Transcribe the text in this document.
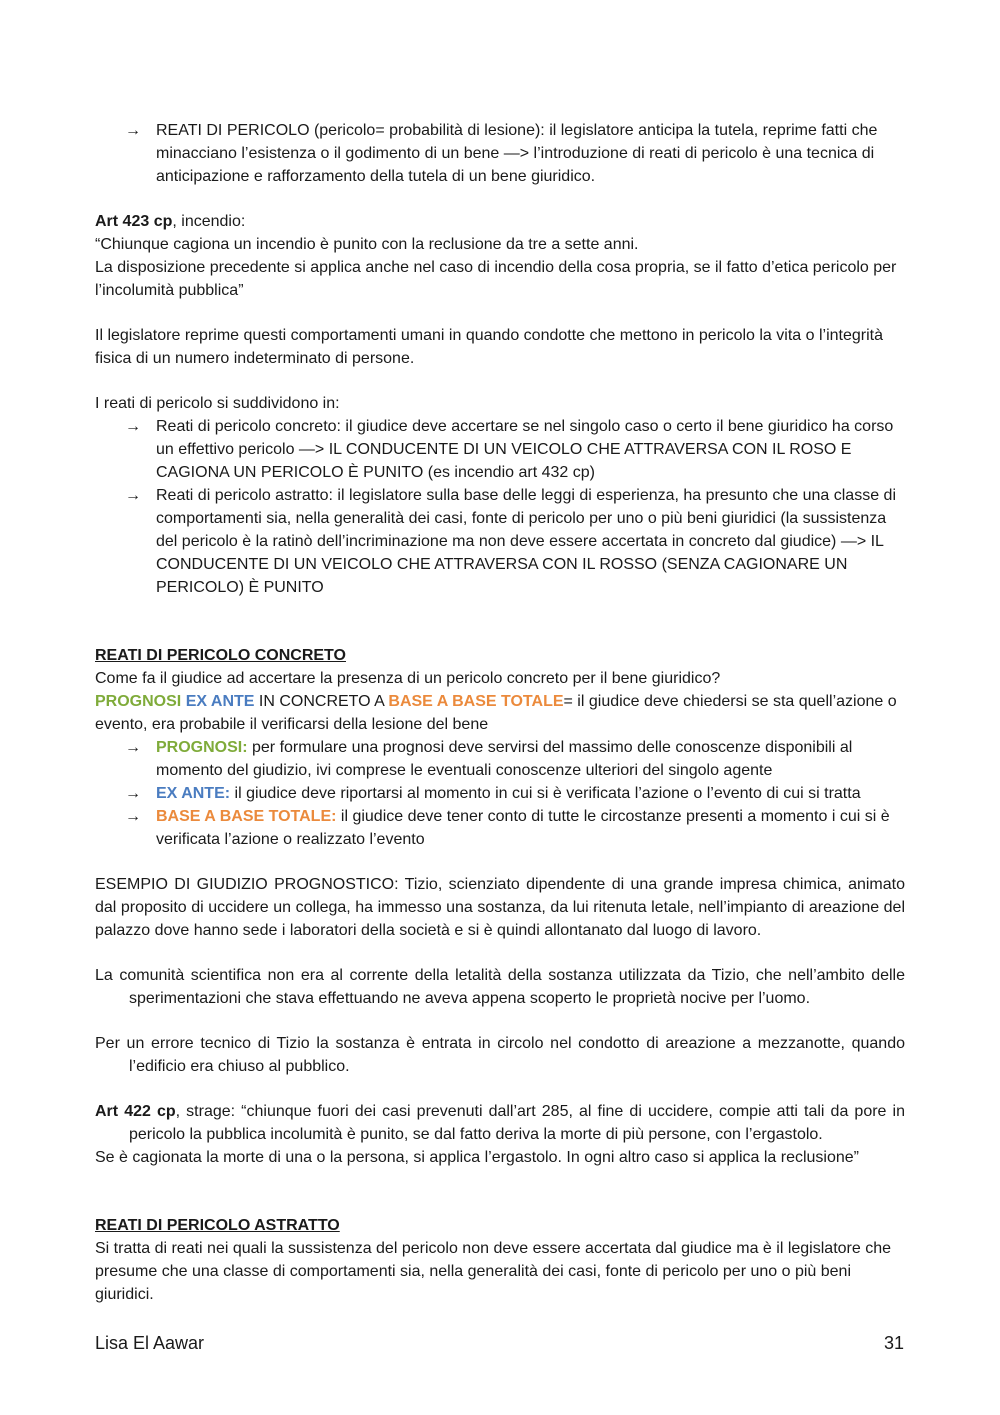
→ REATI DI PERICOLO (pericolo= probabilità di lesione): il legislatore anticipa la tutela, reprime fatti che minacciano l’esistenza o il godimento di un bene —> l’introduzione di reati di pericolo è una tecnica di anticipazione e rafforzamento della tutela di un bene giuridico.

Art 423 cp, incendio:

“Chiunque cagiona un incendio è punito con la reclusione da tre a sette anni.

La disposizione precedente si applica anche nel caso di incendio della cosa propria, se il fatto d’etica pericolo per l’incolumità pubblica”

Il legislatore reprime questi comportamenti umani in quando condotte che mettono in pericolo la vita o l’integrità fisica di un numero indeterminato di persone.

I reati di pericolo si suddividono in:

→ Reati di pericolo concreto: il giudice deve accertare se nel singolo caso o certo il bene giuridico ha corso un effettivo pericolo —> IL CONDUCENTE DI UN VEICOLO CHE ATTRAVERSA CON IL ROSO E CAGIONA UN PERICOLO È PUNITO (es incendio art 432 cp)
→ Reati di pericolo astratto: il legislatore sulla base delle leggi di esperienza, ha presunto che una classe di comportamenti sia, nella generalità dei casi, fonte di pericolo per uno o più beni giuridici (la sussistenza del pericolo è la ratinò dell’incriminazione ma non deve essere accertata in concreto dal giudice) —> IL CONDUCENTE DI UN VEICOLO CHE ATTRAVERSA CON IL ROSSO (SENZA CAGIONARE UN PERICOLO) È PUNITO

REATI DI PERICOLO CONCRETO

Come fa il giudice ad accertare la presenza di un pericolo concreto per il bene giuridico?

PROGNOSI EX ANTE IN CONCRETO A BASE A BASE TOTALE= il giudice deve chiedersi se sta quell’azione o evento, era probabile il verificarsi della lesione del bene

→ PROGNOSI: per formulare una prognosi deve servirsi del massimo delle conoscenze disponibili al momento del giudizio, ivi comprese le eventuali conoscenze ulteriori del singolo agente
→ EX ANTE: il giudice deve riportarsi al momento in cui si è verificata l’azione o l’evento di cui si tratta
→ BASE A BASE TOTALE: il giudice deve tener conto di tutte le circostanze presenti a momento i cui si è verificata l’azione o realizzato l’evento

ESEMPIO DI GIUDIZIO PROGNOSTICO: Tizio, scienziato dipendente di una grande impresa chimica, animato dal proposito di uccidere un collega, ha immesso una sostanza, da lui ritenuta letale, nell’impianto di areazione del palazzo dove hanno sede i laboratori della società e si è quindi allontanato dal luogo di lavoro.

La comunità scientifica non era al corrente della letalità della sostanza utilizzata da Tizio, che nell’ambito delle sperimentazioni che stava effettuando ne aveva appena scoperto le proprietà nocive per l’uomo.

Per un errore tecnico di Tizio la sostanza è entrata in circolo nel condotto di areazione a mezzanotte, quando l’edificio era chiuso al pubblico.

Art 422 cp, strage: “chiunque fuori dei casi prevenuti dall’art 285, al fine di uccidere, compie atti tali da pore in pericolo la pubblica incolumità è punito, se dal fatto deriva la morte di più persone, con l’ergastolo.

Se è cagionata la morte di una o la persona, si applica l’ergastolo. In ogni altro caso si applica la reclusione”

REATI DI PERICOLO ASTRATTO

Si tratta di reati nei quali la sussistenza del pericolo non deve essere accertata dal giudice ma è il legislatore che presume che una classe di comportamenti sia, nella generalità dei casi, fonte di pericolo per uno o più beni giuridici.

Lisa El Aawar	31
